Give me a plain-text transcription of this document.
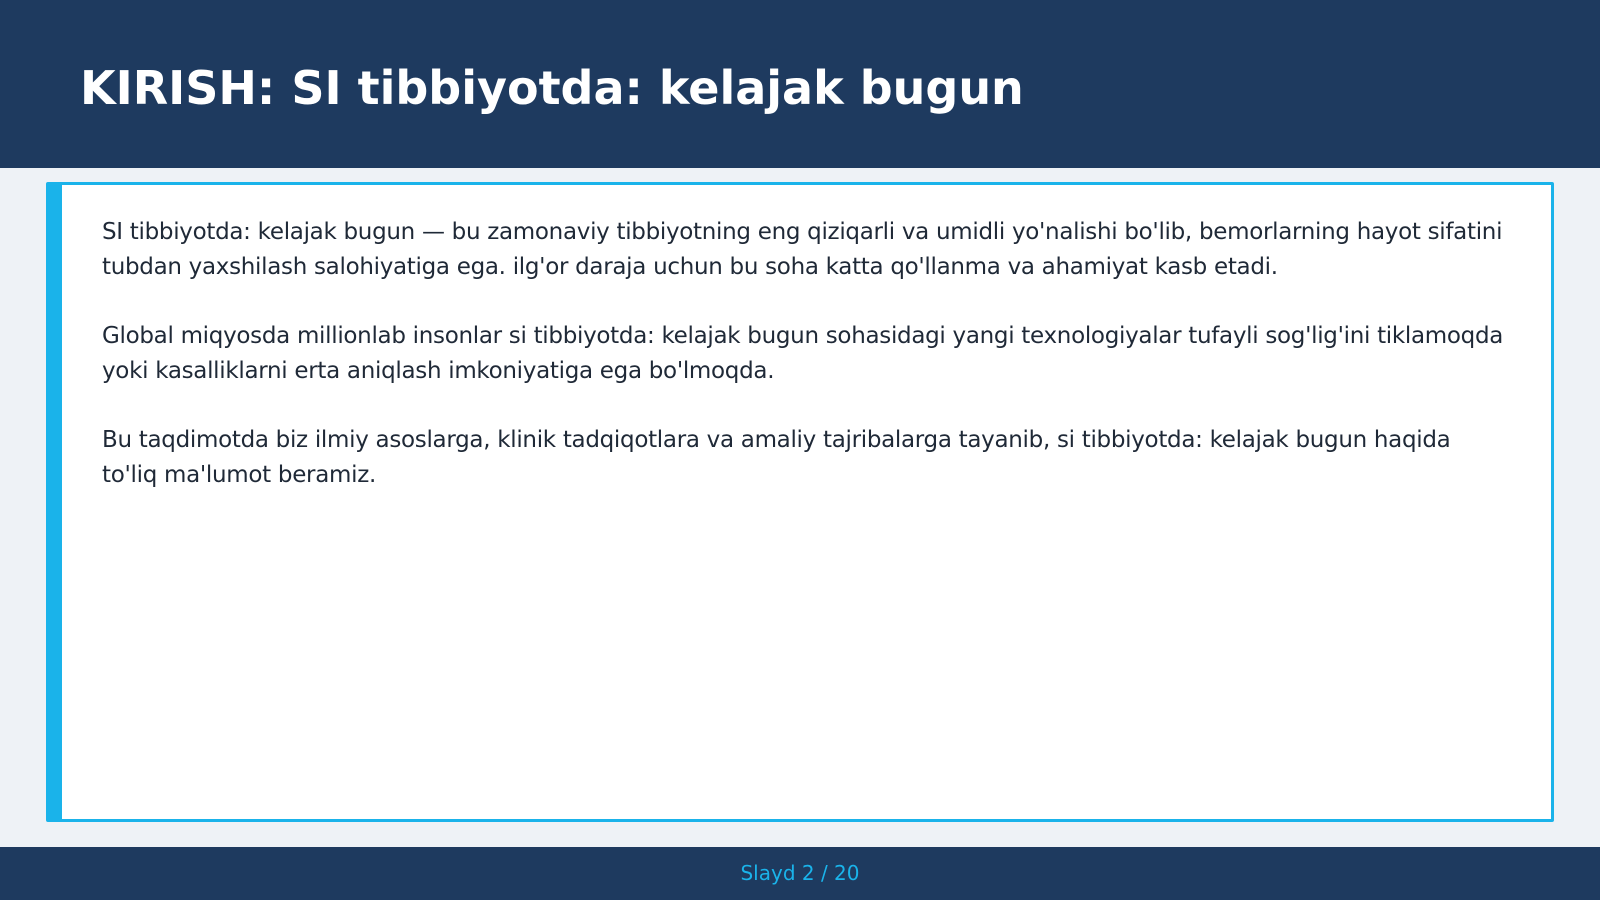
KIRISH: SI tibbiyotda: kelajak bugun

SI tibbiyotda: kelajak bugun — bu zamonaviy tibbiyotning eng qiziqarli va umidli yo'nalishi bo'lib, bemorlarning hayot sifatini tubdan yaxshilash salohiyatiga ega. ilg'or daraja uchun bu soha katta qo'llanma va ahamiyat kasb etadi.

Global miqyosda millionlab insonlar si tibbiyotda: kelajak bugun sohasidagi yangi texnologiyalar tufayli sog'lig'ini tiklamoqda yoki kasalliklarni erta aniqlash imkoniyatiga ega bo'lmoqda.

Bu taqdimotda biz ilmiy asoslarga, klinik tadqiqotlara va amaliy tajribalarga tayanib, si tibbiyotda: kelajak bugun haqida to'liq ma'lumot beramiz.

Slayd 2 / 20
